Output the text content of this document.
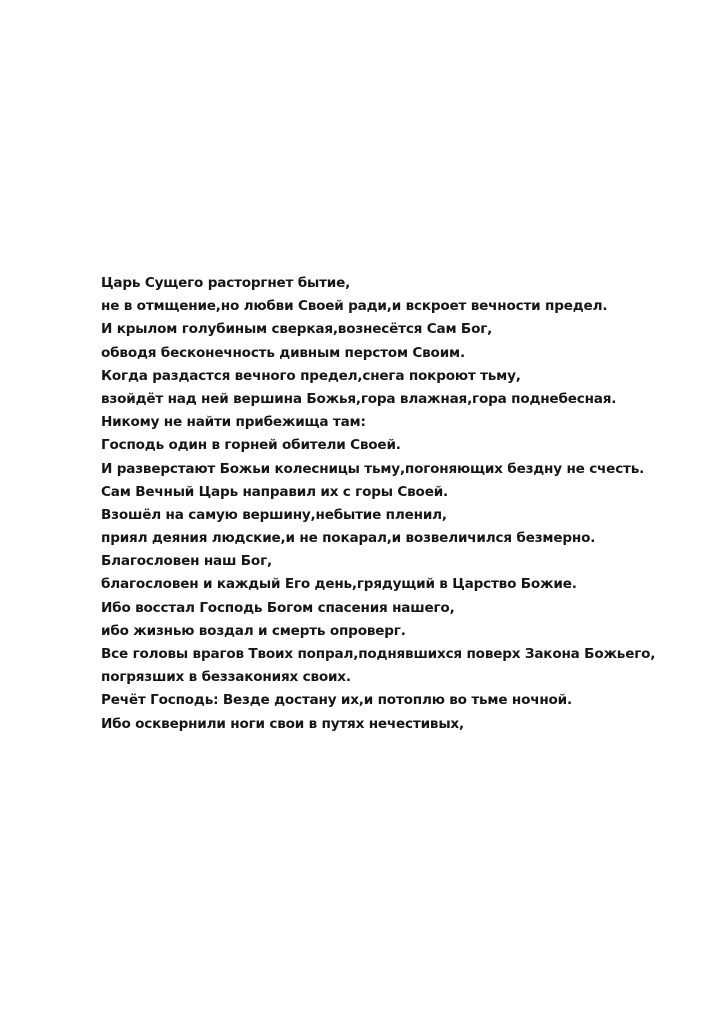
Царь Сущего расторгнет бытие,
не в отмщение,но любви Своей ради,и вскроет вечности предел.
И крылом голубиным сверкая,вознесётся Сам Бог,
обводя бесконечность дивным перстом Своим.
Когда раздастся вечного предел,снега покроют тьму,
взойдёт над ней вершина Божья,гора влажная,гора поднебесная.
Никому не найти прибежища там:
Господь один в горней обители Своей.
И разверстают Божьи колесницы тьму,погоняющих бездну не счесть.
Сам Вечный Царь направил их с горы Своей.
Взошёл на самую вершину,небытие пленил,
приял деяния людские,и не покарал,и возвеличился безмерно.
Благословен наш Бог,
благословен и каждый Его день,грядущий в Царство Божие.
Ибо восстал Господь Богом спасения нашего,
ибо жизнью воздал и смерть опроверг.
Все головы врагов Твоих попрал,поднявшихся поверх Закона Божьего,
погрязших в беззакониях своих.
Речёт Господь: Везде достану их,и потоплю во тьме ночной.
Ибо осквернили ноги свои в путях нечестивых,
